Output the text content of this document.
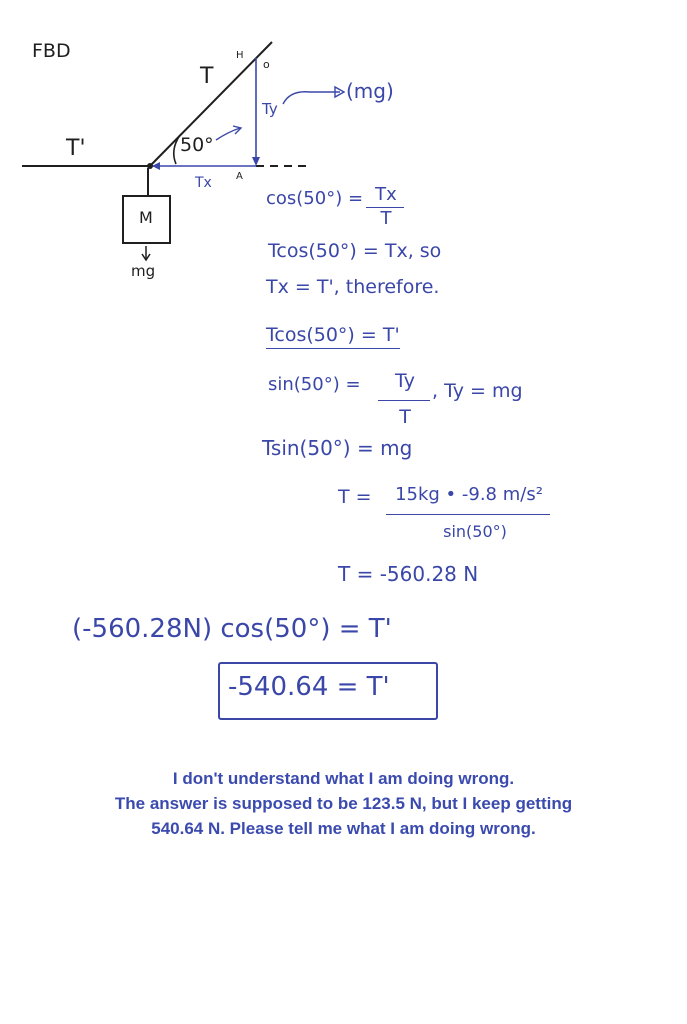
FBD
T
T'
H
o
Ty
(mg)
50°
Tx A
M
mg
cos(50°) = Tx
T
Tcos(50°) = Tx, so
Tx = T', therefore.
Tcos(50°) = T'
sin(50°) =	Ty
T
, Ty = mg
Tsin(50°) = mg
T =	15kg • -9.8 m/s²
sin(50°)
T = -560.28 N
(-560.28N) cos(50°) = T'
-540.64 = T'
I don't understand what I am doing wrong.
The answer is supposed to be 123.5 N, but I keep getting
540.64 N. Please tell me what I am doing wrong.
